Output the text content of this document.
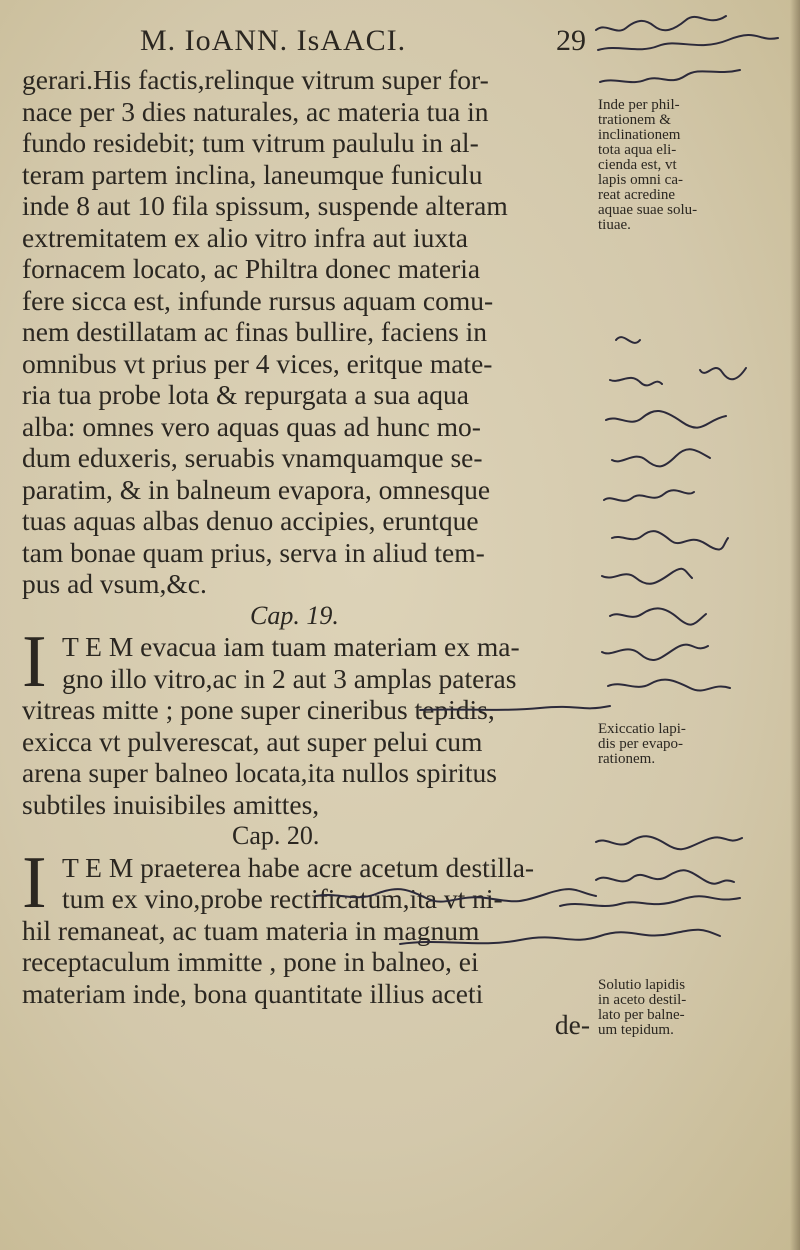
M. IoANN. IsAACI.	29
gerari.His factis,relinque vitrum super for-
nace per 3 dies naturales, ac materia tua in
fundo residebit; tum vitrum paululu in al-
teram partem inclina, laneumque funiculu
inde 8 aut 10 fila spissum, suspende alteram
extremitatem ex alio vitro infra aut iuxta
fornacem locato, ac Philtra donec materia
fere sicca est, infunde rursus aquam comu-
nem destillatam ac finas bullire, faciens in
omnibus vt prius per 4 vices, eritque mate-
ria tua probe lota & repurgata a sua aqua
alba: omnes vero aquas quas ad hunc mo-
dum eduxeris, seruabis vnamquamque se-
paratim, & in balneum evapora, omnesque
tuas aquas albas denuo accipies, eruntque
tam bonae quam prius, serva in aliud tem-
pus ad vsum,&c.
Cap. 19.
I T E M evacua iam tuam materiam ex ma-
gno illo vitro,ac in 2 aut 3 amplas pateras
vitreas mitte ; pone super cineribus tepidis,
exicca vt pulverescat, aut super pelui cum
arena super balneo locata,ita nullos spiritus
subtiles inuisibiles amittes,
Cap. 20.
I T E M praeterea habe acre acetum destilla-
tum ex vino,probe rectificatum,ita vt ni-
hil remaneat, ac tuam materia in magnum
receptaculum immitte , pone in balneo, ei
materiam inde, bona quantitate illius aceti
de-
Inde per phil-
trationem &
inclinationem
tota aqua eli-
cienda est, vt
lapis omni ca-
reat acredine
aquae suae solu-
tiuae.
Exiccatio lapi-
dis per evapo-
rationem.
Solutio lapidis
in aceto destil-
lato per balne-
um tepidum.
